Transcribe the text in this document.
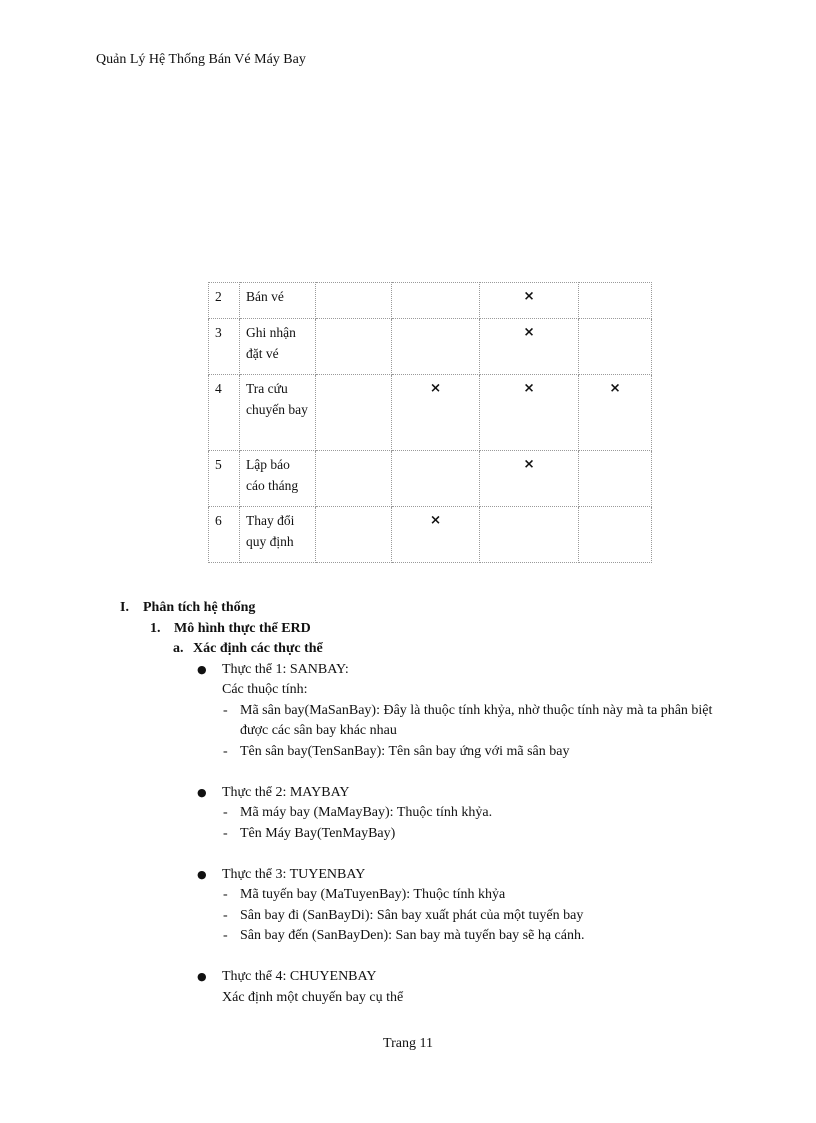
Quản Lý Hệ Thống Bán Vé Máy Bay
2	Bán vé			×	
3	Ghi nhận đặt vé			×	
4	Tra cứu chuyến bay		×	×	×
5	Lập báo cáo tháng			×	
6	Thay đổi quy định		×		
I. Phân tích hệ thống
1. Mô hình thực thể ERD
a. Xác định các thực thể
● Thực thể 1: SANBAY:
Các thuộc tính:
- Mã sân bay(MaSanBay): Đây là thuộc tính khỷa, nhờ thuộc tính này mà ta phân biệt
được các sân bay khác nhau
- Tên sân bay(TenSanBay): Tên sân bay ứng với mã sân bay
● Thực thể 2: MAYBAY
- Mã máy bay (MaMayBay): Thuộc tính khỷa.
- Tên Máy Bay(TenMayBay)
● Thực thể 3: TUYENBAY
- Mã tuyến bay (MaTuyenBay): Thuộc tính khỷa
- Sân bay đi (SanBayDi): Sân bay xuất phát của một tuyến bay
- Sân bay đến (SanBayDen): San bay mà tuyến bay sẽ hạ cánh.
● Thực thể 4: CHUYENBAY
Xác định một chuyến bay cụ thể
Trang 11
